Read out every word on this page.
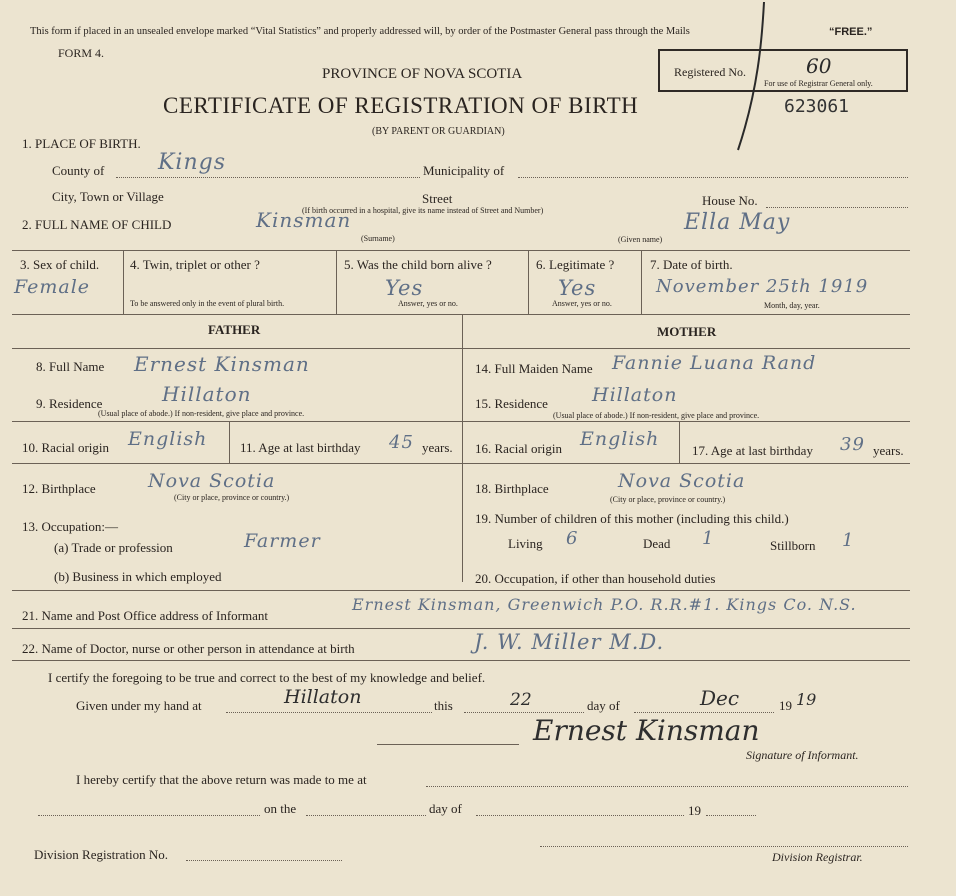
This form if placed in an unsealed envelope marked “Vital Statistics” and properly addressed will, by order of the Postmaster General pass through the Mails	“FREE.”
FORM 4.
PROVINCE OF NOVA SCOTIA
CERTIFICATE OF REGISTRATION OF BIRTH
(BY PARENT OR GUARDIAN)
Registered No.
For use of Registrar General only.
60
623061
1. PLACE OF BIRTH.
County of Kings	Municipality of
City, Town or Village	Street
(If birth occurred in a hospital, give its name instead of Street and Number)
House No.
2. FULL NAME OF CHILD	Kinsman
(Surname)
Ella May
(Given name)
3. Sex of child.
Female
4. Twin, triplet or other ?
To be answered only in the event of plural birth.
5. Was the child born alive ?
Yes
Answer, yes or no.
6. Legitimate ?
Yes
Answer, yes or no.
7. Date of birth.
November 25th 1919
Month, day, year.
FATHER	MOTHER
8. Full Name Ernest Kinsman
9. Residence	Hillaton
(Usual place of abode.) If non-resident, give place and province.
10. Racial origin English	11. Age at last birthday 45 years.
12. Birthplace	Nova Scotia
(City or place, province or country.)
13. Occupation:—
(a) Trade or profession	Farmer
(b) Business in which employed
14. Full Maiden Name Fannie Luana Rand
15. Residence Hillaton
(Usual place of abode.) If non-resident, give place and province.
16. Racial origin English
17. Age at last birthday 39 years.
18. Birthplace	Nova Scotia
(City or place, province or country.)
19. Number of children of this mother (including this child.)
Living 6	Dead 1	Stillborn 1
20. Occupation, if other than household duties
21. Name and Post Office address of Informant
Ernest Kinsman, Greenwich P.O. R.R.#1. Kings Co. N.S.
22. Name of Doctor, nurse or other person in attendance at birth	J. W. Miller M.D.
I certify the foregoing to be true and correct to the best of my knowledge and belief.
Given under my hand at	Hillaton	this	22	day of	Dec	19 19
Ernest Kinsman
Signature of Informant.
I hereby certify that the above return was made to me at
on the	day of	19
Division Registration No.	Division Registrar.
